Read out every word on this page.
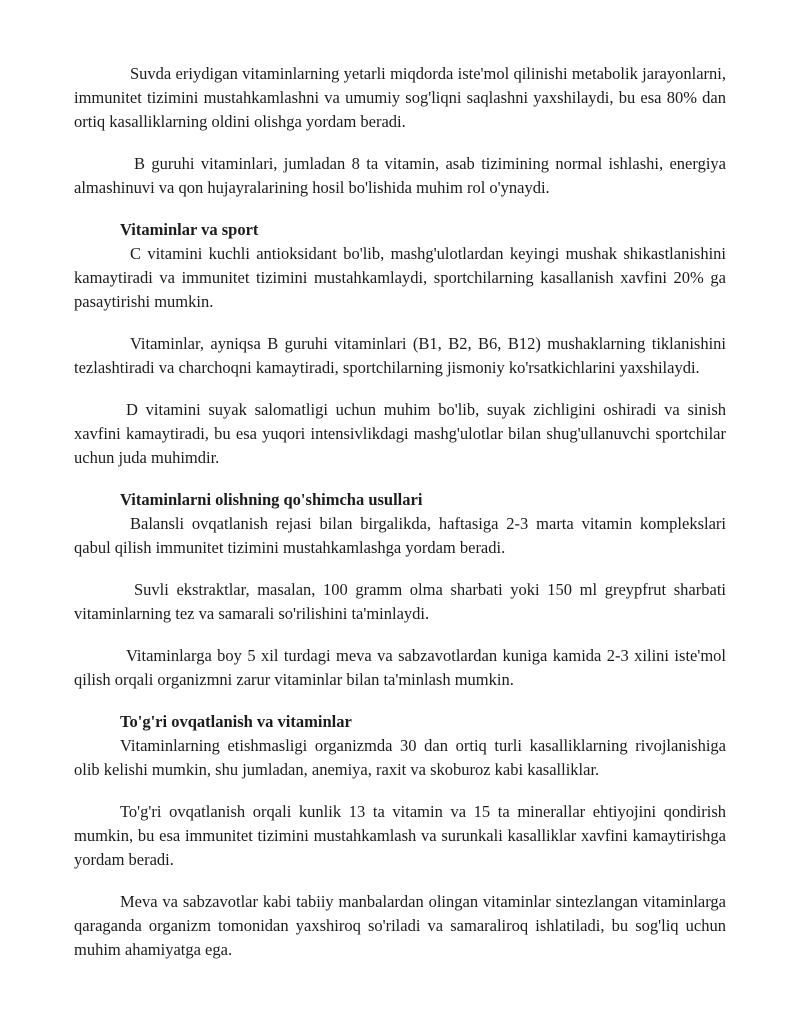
Suvda eriydigan vitaminlarning yetarli miqdorda iste'mol qilinishi metabolik jarayonlarni, immunitet tizimini mustahkamlashni va umumiy sog'liqni saqlashni yaxshilaydi, bu esa 80% dan ortiq kasalliklarning oldini olishga yordam beradi.

B guruhi vitaminlari, jumladan 8 ta vitamin, asab tizimining normal ishlashi, energiya almashinuvi va qon hujayralarining hosil bo'lishida muhim rol o'ynaydi.

Vitaminlar va sport

C vitamini kuchli antioksidant bo'lib, mashg'ulotlardan keyingi mushak shikastlanishini kamaytiradi va immunitet tizimini mustahkamlaydi, sportchilarning kasallanish xavfini 20% ga pasaytirishi mumkin.

Vitaminlar, ayniqsa B guruhi vitaminlari (B1, B2, B6, B12) mushaklarning tiklanishini tezlashtiradi va charchoqni kamaytiradi, sportchilarning jismoniy ko'rsatkichlarini yaxshilaydi.

D vitamini suyak salomatligi uchun muhim bo'lib, suyak zichligini oshiradi va sinish xavfini kamaytiradi, bu esa yuqori intensivlikdagi mashg'ulotlar bilan shug'ullanuvchi sportchilar uchun juda muhimdir.

Vitaminlarni olishning qo'shimcha usullari

Balansli ovqatlanish rejasi bilan birgalikda, haftasiga 2-3 marta vitamin komplekslari qabul qilish immunitet tizimini mustahkamlashga yordam beradi.

Suvli ekstraktlar, masalan, 100 gramm olma sharbati yoki 150 ml greypfrut sharbati vitaminlarning tez va samarali so'rilishini ta'minlaydi.

Vitaminlarga boy 5 xil turdagi meva va sabzavotlardan kuniga kamida 2-3 xilini iste'mol qilish orqali organizmni zarur vitaminlar bilan ta'minlash mumkin.

To'g'ri ovqatlanish va vitaminlar

Vitaminlarning etishmasligi organizmda 30 dan ortiq turli kasalliklarning rivojlanishiga olib kelishi mumkin, shu jumladan, anemiya, raxit va skoburoz kabi kasalliklar.

To'g'ri ovqatlanish orqali kunlik 13 ta vitamin va 15 ta minerallar ehtiyojini qondirish mumkin, bu esa immunitet tizimini mustahkamlash va surunkali kasalliklar xavfini kamaytirishga yordam beradi.

Meva va sabzavotlar kabi tabiiy manbalardan olingan vitaminlar sintezlangan vitaminlarga qaraganda organizm tomonidan yaxshiroq so'riladi va samaraliroq ishlatiladi, bu sog'liq uchun muhim ahamiyatga ega.
